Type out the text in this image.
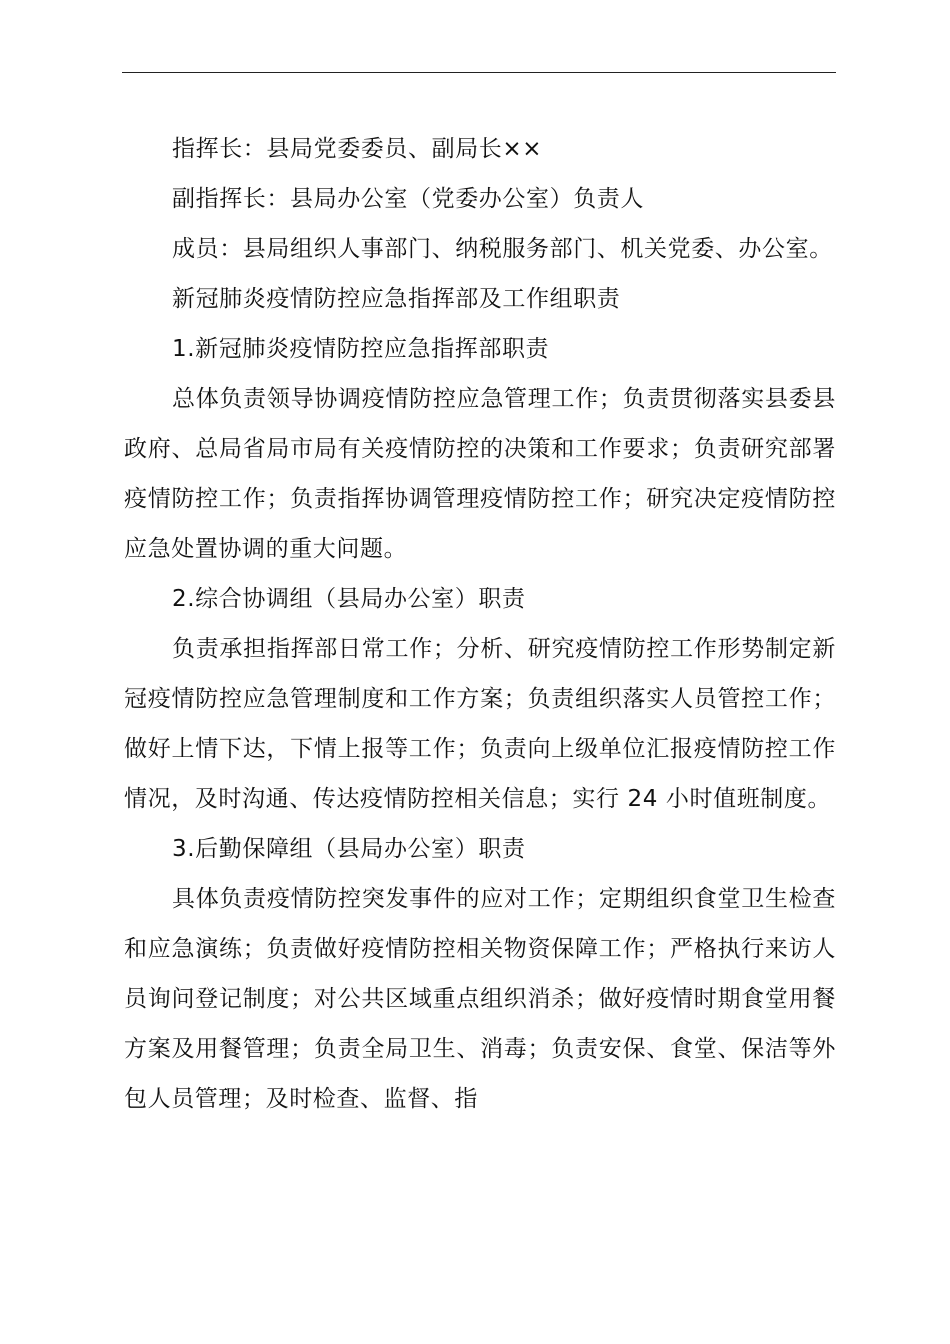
指挥长：县局党委委员、副局长××

副指挥长：县局办公室（党委办公室）负责人

成员：县局组织人事部门、纳税服务部门、机关党委、办公室。

新冠肺炎疫情防控应急指挥部及工作组职责

1.新冠肺炎疫情防控应急指挥部职责

总体负责领导协调疫情防控应急管理工作；负责贯彻落实县委县政府、总局省局市局有关疫情防控的决策和工作要求；负责研究部署疫情防控工作；负责指挥协调管理疫情防控工作；研究决定疫情防控应急处置协调的重大问题。

2.综合协调组（县局办公室）职责

负责承担指挥部日常工作；分析、研究疫情防控工作形势制定新冠疫情防控应急管理制度和工作方案；负责组织落实人员管控工作；做好上情下达，下情上报等工作；负责向上级单位汇报疫情防控工作情况，及时沟通、传达疫情防控相关信息；实行 24 小时值班制度。

3.后勤保障组（县局办公室）职责

具体负责疫情防控突发事件的应对工作；定期组织食堂卫生检查和应急演练；负责做好疫情防控相关物资保障工作；严格执行来访人员询问登记制度；对公共区域重点组织消杀；做好疫情时期食堂用餐方案及用餐管理；负责全局卫生、消毒；负责安保、食堂、保洁等外包人员管理；及时检查、监督、指
